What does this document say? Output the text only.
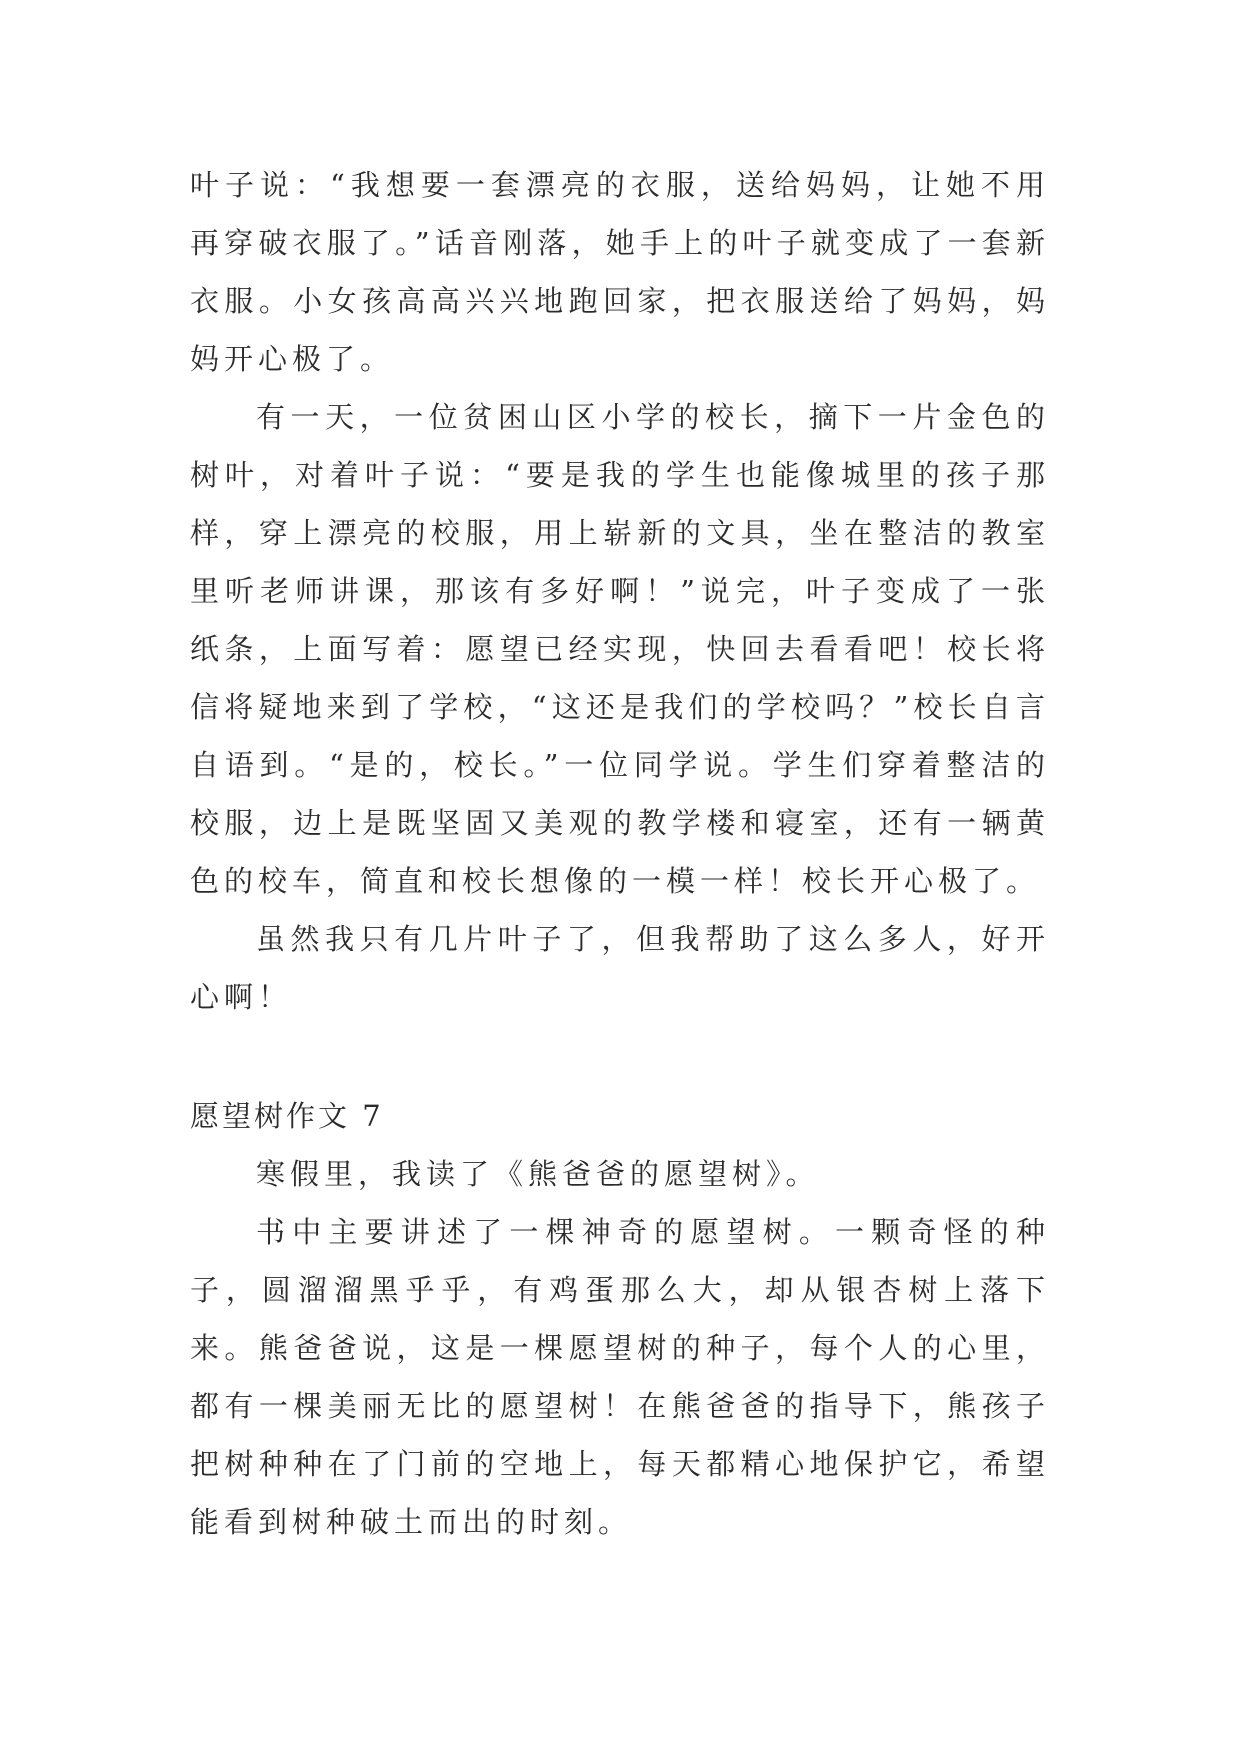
叶子说：“我想要一套漂亮的衣服，送给妈妈，让她不用再穿破衣服了。”话音刚落，她手上的叶子就变成了一套新衣服。小女孩高高兴兴地跑回家，把衣服送给了妈妈，妈妈开心极了。

有一天，一位贫困山区小学的校长，摘下一片金色的树叶，对着叶子说：“要是我的学生也能像城里的孩子那样，穿上漂亮的校服，用上崭新的文具，坐在整洁的教室里听老师讲课，那该有多好啊！”说完，叶子变成了一张纸条，上面写着：愿望已经实现，快回去看看吧！校长将信将疑地来到了学校，“这还是我们的学校吗？”校长自言自语到。“是的，校长。”一位同学说。学生们穿着整洁的校服，边上是既坚固又美观的教学楼和寝室，还有一辆黄色的校车，简直和校长想像的一模一样！校长开心极了。

虽然我只有几片叶子了，但我帮助了这么多人，好开心啊！

愿望树作文 7

寒假里，我读了《熊爸爸的愿望树》。

书中主要讲述了一棵神奇的愿望树。一颗奇怪的种子，圆溜溜黑乎乎，有鸡蛋那么大，却从银杏树上落下来。熊爸爸说，这是一棵愿望树的种子，每个人的心里，都有一棵美丽无比的愿望树！在熊爸爸的指导下，熊孩子把树种种在了门前的空地上，每天都精心地保护它，希望能看到树种破土而出的时刻。
